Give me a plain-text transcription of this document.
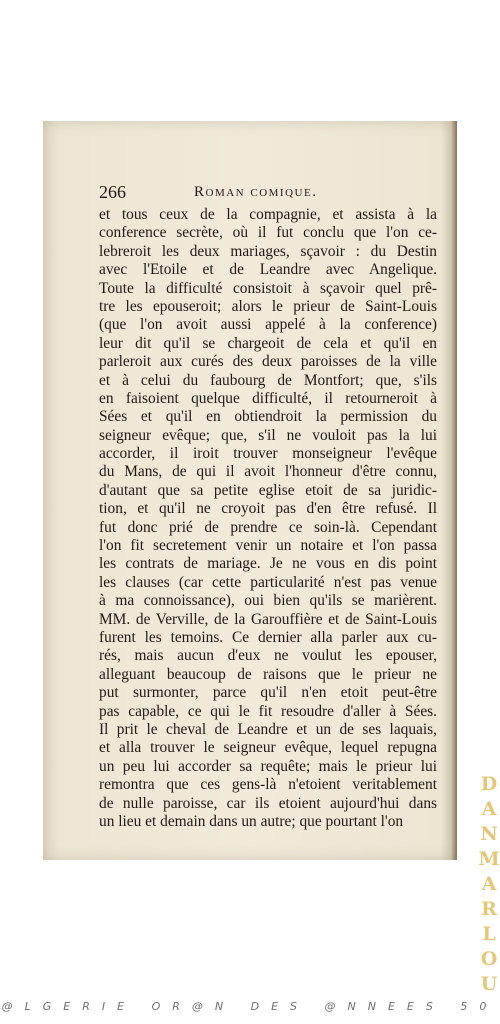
266	Roman comique.
et tous ceux de la compagnie, et assista à la
conference secrète, où il fut conclu que l'on ce-
lebreroit les deux mariages, sçavoir : du Destin
avec l'Etoile et de Leandre avec Angelique.
Toute la difficulté consistoit à sçavoir quel prê-
tre les epouseroit; alors le prieur de Saint-Louis
(que l'on avoit aussi appelé à la conference)
leur dit qu'il se chargeoit de cela et qu'il en
parleroit aux curés des deux paroisses de la ville
et à celui du faubourg de Montfort; que, s'ils
en faisoient quelque difficulté, il retourneroit à
Sées et qu'il en obtiendroit la permission du
seigneur evêque; que, s'il ne vouloit pas la lui
accorder, il iroit trouver monseigneur l'evêque
du Mans, de qui il avoit l'honneur d'être connu,
d'autant que sa petite eglise etoit de sa juridic-
tion, et qu'il ne croyoit pas d'en être refusé. Il
fut donc prié de prendre ce soin-là. Cependant
l'on fit secretement venir un notaire et l'on passa
les contrats de mariage. Je ne vous en dis point
les clauses (car cette particularité n'est pas venue
à ma connoissance), oui bien qu'ils se marièrent.
MM. de Verville, de la Garouffière et de Saint-Louis
furent les temoins. Ce dernier alla parler aux cu-
rés, mais aucun d'eux ne voulut les epouser,
alleguant beaucoup de raisons que le prieur ne
put surmonter, parce qu'il n'en etoit peut-être
pas capable, ce qui le fit resoudre d'aller à Sées.
Il prit le cheval de Leandre et un de ses laquais,
et alla trouver le seigneur evêque, lequel repugna
un peu lui accorder sa requête; mais le prieur lui
remontra que ces gens-là n'etoient veritablement
de nulle paroisse, car ils etoient aujourd'hui dans
un lieu et demain dans un autre; que pourtant l'on
D
A
N
M
A
R
L
O
U
@LGERIE OR@N DES @NNEES 50
